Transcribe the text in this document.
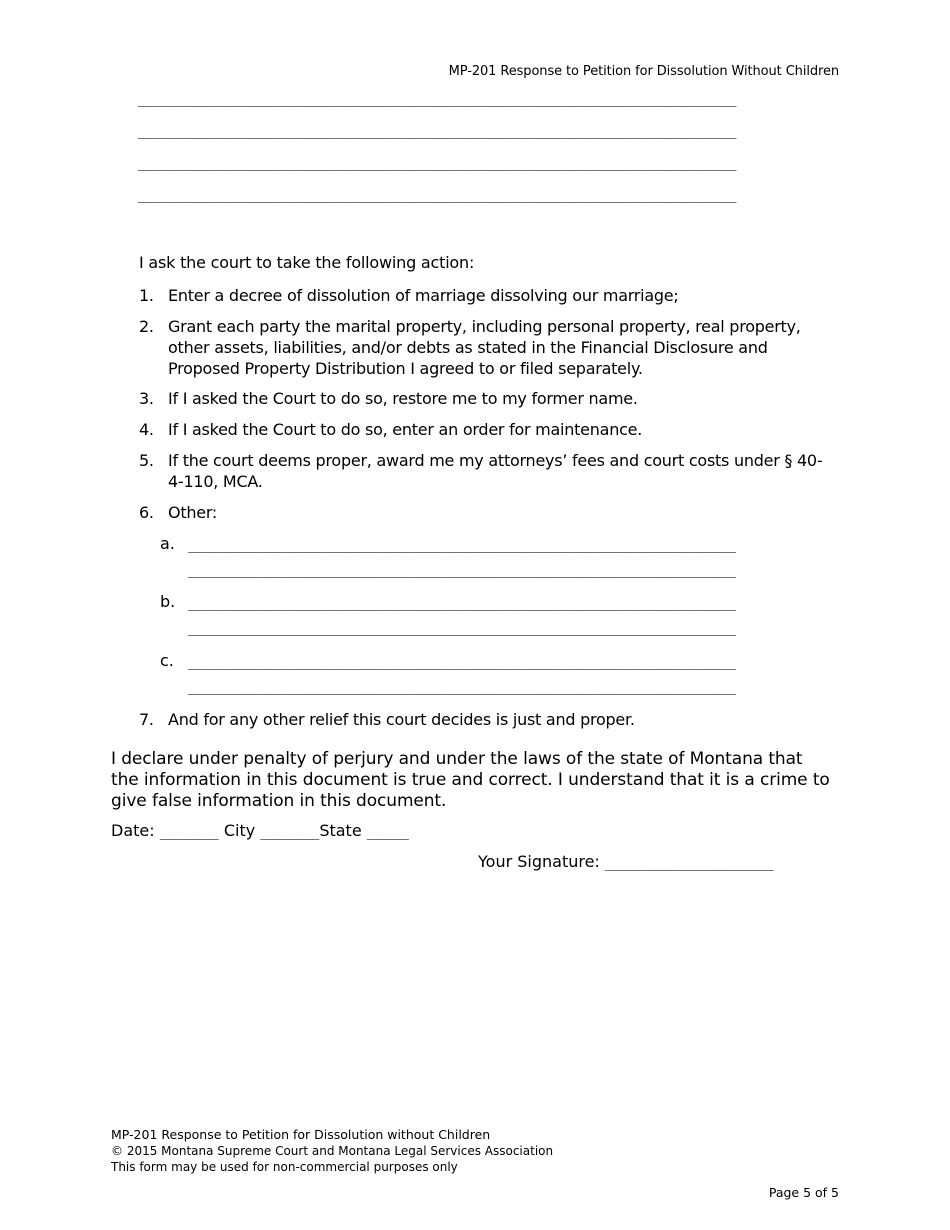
MP-201 Response to Petition for Dissolution Without Children
_______________________________________________________________________
_______________________________________________________________________
_______________________________________________________________________
_______________________________________________________________________
I ask the court to take the following action:
1. Enter a decree of dissolution of marriage dissolving our marriage;
2. Grant each party the marital property, including personal property, real property, other assets, liabilities, and/or debts as stated in the Financial Disclosure and Proposed Property Distribution I agreed to or filed separately.
3. If I asked the Court to do so, restore me to my former name.
4. If I asked the Court to do so, enter an order for maintenance.
5. If the court deems proper, award me my attorneys’ fees and court costs under § 40-4-110, MCA.
6. Other:
a. _________________________________________________________________
_________________________________________________________________
b. _________________________________________________________________
_________________________________________________________________
c. _________________________________________________________________
_________________________________________________________________
7. And for any other relief this court decides is just and proper.
I declare under penalty of perjury and under the laws of the state of Montana that the information in this document is true and correct. I understand that it is a crime to give false information in this document.
Date: _______ City _______State _____
Your Signature: ____________________
MP-201 Response to Petition for Dissolution without Children
© 2015 Montana Supreme Court and Montana Legal Services Association
This form may be used for non-commercial purposes only
Page 5 of 5
